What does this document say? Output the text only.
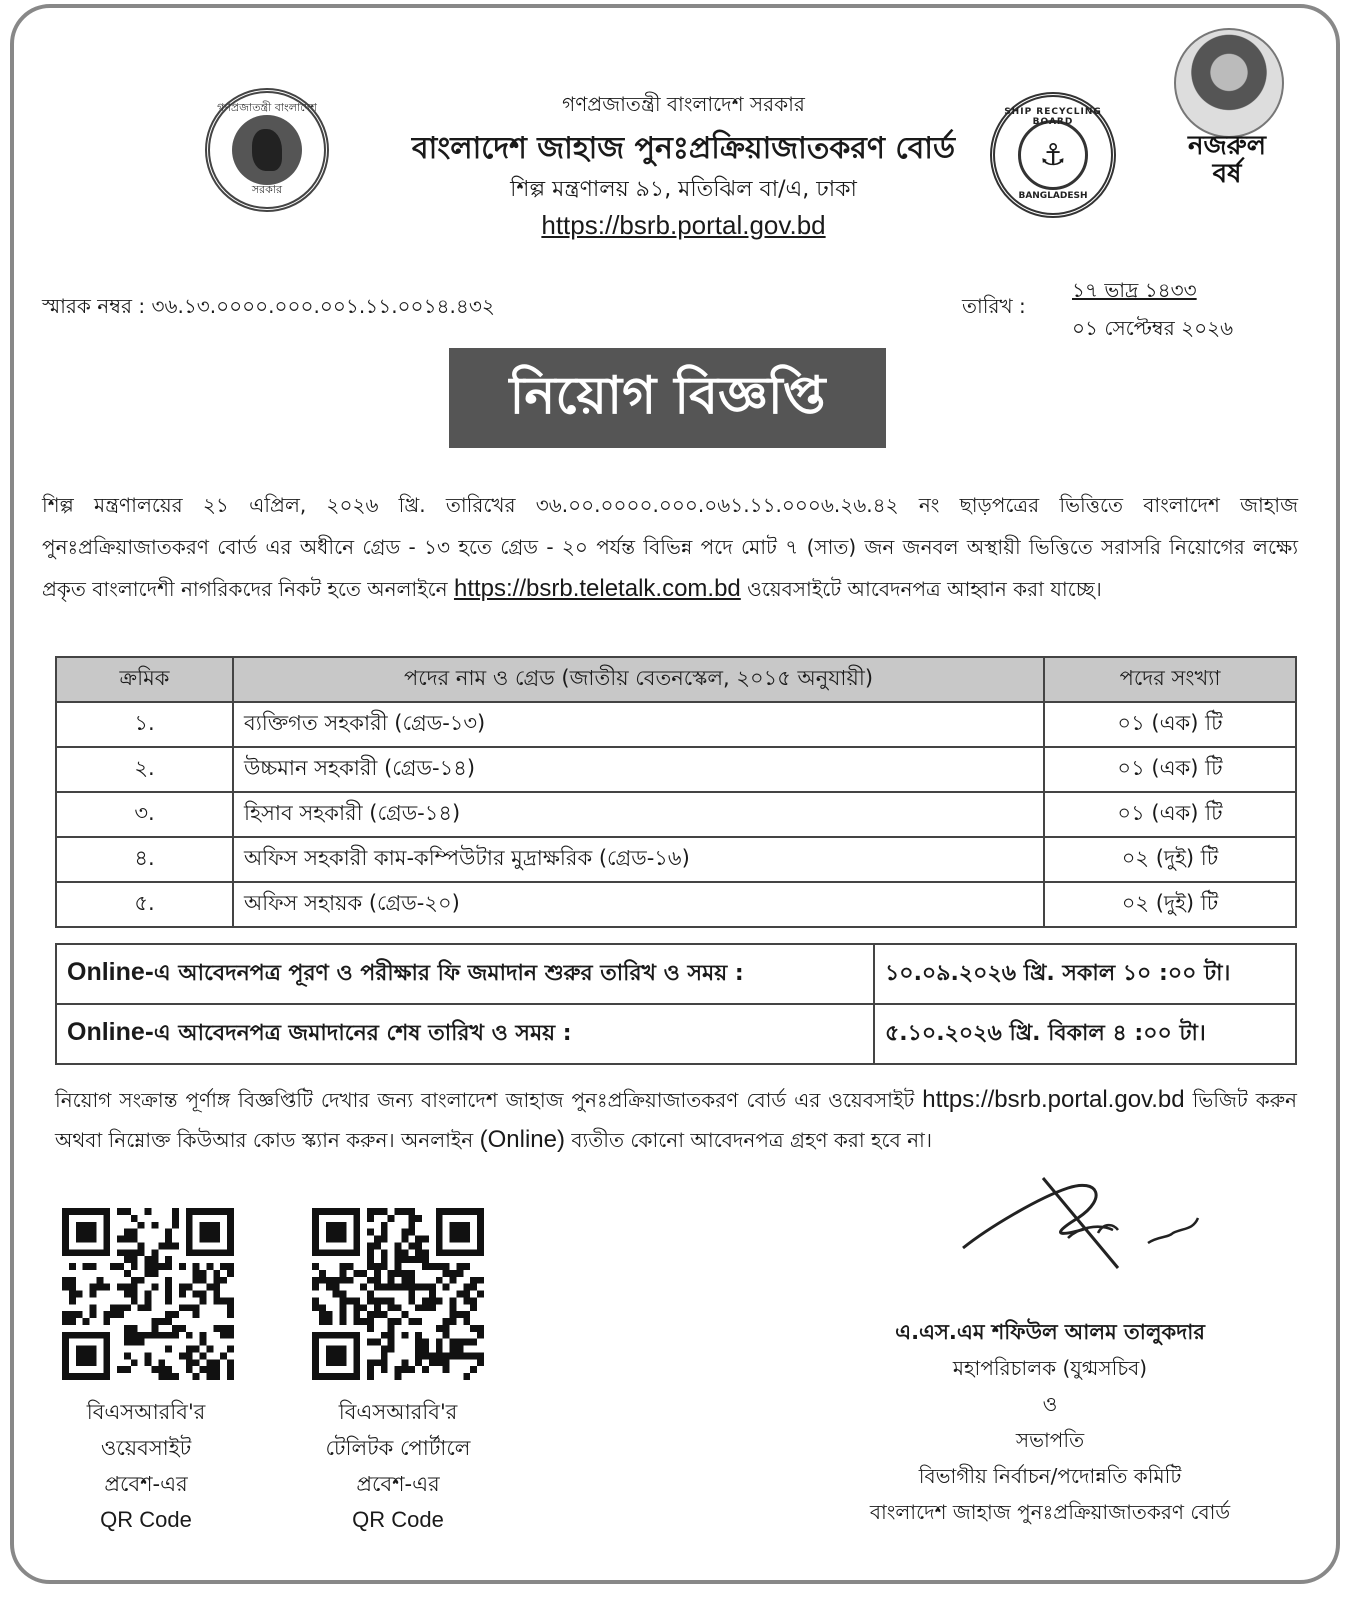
গণপ্রজাতন্ত্রী বাংলাদেশ
সরকার
SHIP RECYCLING BOARD
⚓
BANGLADESH
নজরুল
বর্ষ
গণপ্রজাতন্ত্রী বাংলাদেশ সরকার
বাংলাদেশ জাহাজ পুনঃপ্রক্রিয়াজাতকরণ বোর্ড
শিল্প মন্ত্রণালয় ৯১, মতিঝিল বা/এ, ঢাকা
https://bsrb.portal.gov.bd
স্মারক নম্বর : ৩৬.১৩.০০০০.০০০.০০১.১১.০০১৪.৪৩২	তারিখ :
১৭ ভাদ্র ১৪৩৩
০১ সেপ্টেম্বর ২০২৬
নিয়োগ বিজ্ঞপ্তি
শিল্প মন্ত্রণালয়ের ২১ এপ্রিল, ২০২৬ খ্রি. তারিখের ৩৬.০০.০০০০.০০০.০৬১.১১.০০০৬.২৬.৪২ নং ছাড়পত্রের ভিত্তিতে বাংলাদেশ জাহাজ পুনঃপ্রক্রিয়াজাতকরণ বোর্ড এর অধীনে গ্রেড - ১৩ হতে গ্রেড - ২০ পর্যন্ত বিভিন্ন পদে মোট ৭ (সাত) জন জনবল অস্থায়ী ভিত্তিতে সরাসরি নিয়োগের লক্ষ্যে প্রকৃত বাংলাদেশী নাগরিকদের নিকট হতে অনলাইনে https://bsrb.teletalk.com.bd ওয়েবসাইটে আবেদনপত্র আহ্বান করা যাচ্ছে।
ক্রমিক	পদের নাম ও গ্রেড (জাতীয় বেতনস্কেল, ২০১৫ অনুযায়ী)	পদের সংখ্যা
১.	ব্যক্তিগত সহকারী (গ্রেড-১৩)	০১ (এক) টি
২.	উচ্চমান সহকারী (গ্রেড-১৪)	০১ (এক) টি
৩.	হিসাব সহকারী (গ্রেড-১৪)	০১ (এক) টি
৪.	অফিস সহকারী কাম-কম্পিউটার মুদ্রাক্ষরিক (গ্রেড-১৬)	০২ (দুই) টি
৫.	অফিস সহায়ক (গ্রেড-২০)	০২ (দুই) টি
Online-এ আবেদনপত্র পূরণ ও পরীক্ষার ফি জমাদান শুরুর তারিখ ও সময় :	১০.০৯.২০২৬ খ্রি. সকাল ১০ :০০ টা।
Online-এ আবেদনপত্র জমাদানের শেষ তারিখ ও সময় :	৫.১০.২০২৬ খ্রি. বিকাল ৪ :০০ টা।
নিয়োগ সংক্রান্ত পূর্ণাঙ্গ বিজ্ঞপ্তিটি দেখার জন্য বাংলাদেশ জাহাজ পুনঃপ্রক্রিয়াজাতকরণ বোর্ড এর ওয়েবসাইট https://bsrb.portal.gov.bd ভিজিট করুন অথবা নিম্নোক্ত কিউআর কোড স্ক্যান করুন। অনলাইন (Online) ব্যতীত কোনো আবেদনপত্র গ্রহণ করা হবে না।
বিএসআরবি'র
ওয়েবসাইট
প্রবেশ-এর
QR Code
বিএসআরবি'র
টেলিটক পোর্টালে
প্রবেশ-এর
QR Code
এ.এস.এম শফিউল আলম তালুকদার
মহাপরিচালক (যুগ্মসচিব)
ও
সভাপতি
বিভাগীয় নির্বাচন/পদোন্নতি কমিটি
বাংলাদেশ জাহাজ পুনঃপ্রক্রিয়াজাতকরণ বোর্ড
